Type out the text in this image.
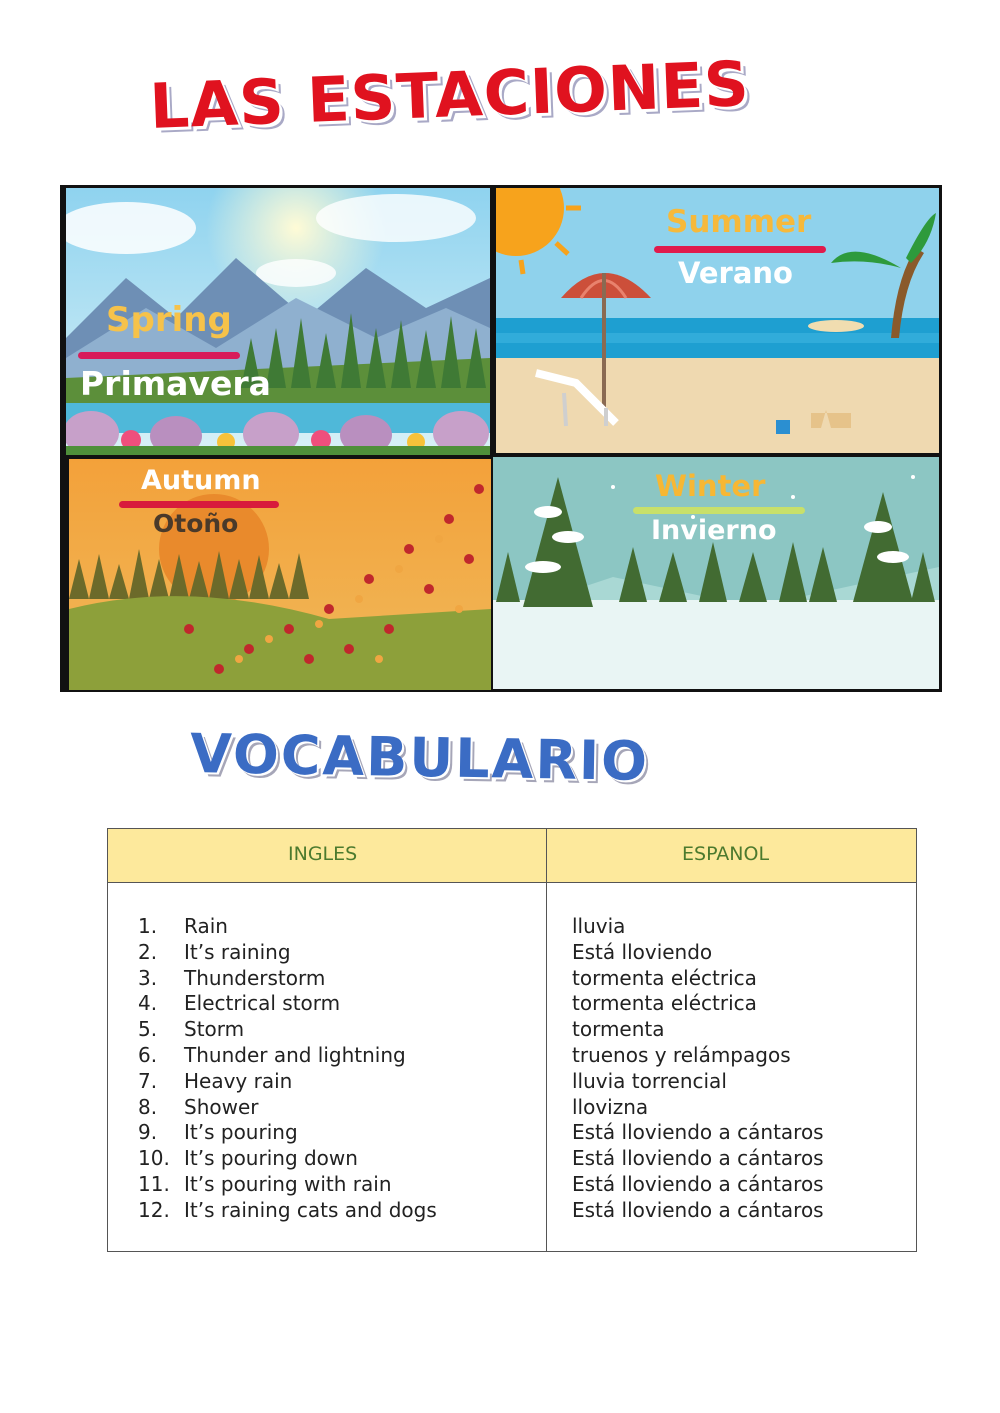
LAS ESTACIONES
Spring
Primavera
Summer
Verano
Autumn
Otoño
Winter
Invierno
VOCABULARIO
INGLES	ESPANOL
1. Rain
2. It’s raining
3. Thunderstorm
4. Electrical storm
5. Storm
6. Thunder and lightning
7. Heavy rain
8. Shower
9. It’s pouring
10. It’s pouring down
11. It’s pouring with rain
12. It’s raining cats and dogs
lluvia
Está lloviendo
tormenta eléctrica
tormenta eléctrica
tormenta
truenos y relámpagos
lluvia torrencial
llovizna
Está lloviendo a cántaros
Está lloviendo a cántaros
Está lloviendo a cántaros
Está lloviendo a cántaros
